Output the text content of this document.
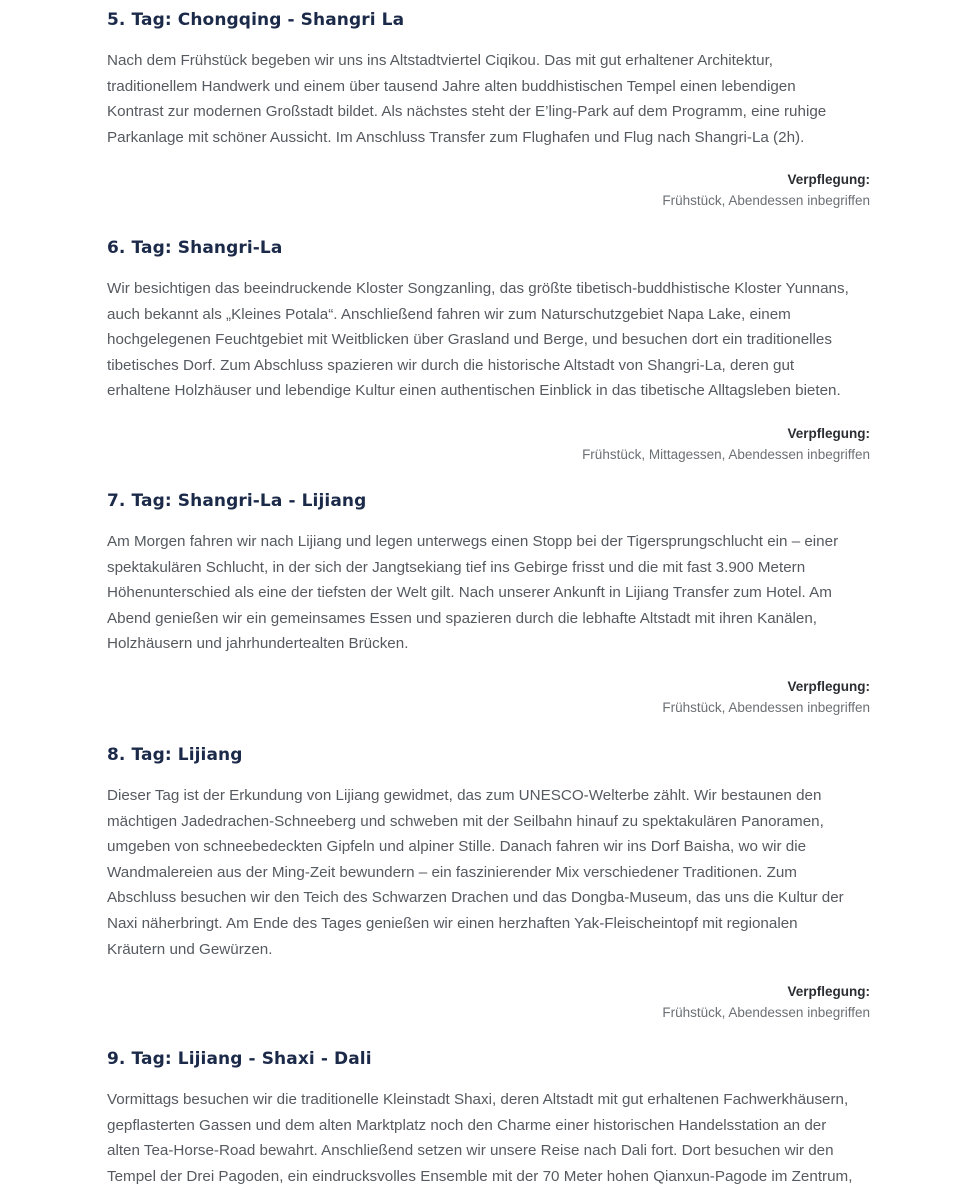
5. Tag: Chongqing - Shangri La

Nach dem Frühstück begeben wir uns ins Altstadtviertel Ciqikou. Das mit gut erhaltener Architektur,
traditionellem Handwerk und einem über tausend Jahre alten buddhistischen Tempel einen lebendigen
Kontrast zur modernen Großstadt bildet. Als nächstes steht der E’ling-Park auf dem Programm, eine ruhige
Parkanlage mit schöner Aussicht. Im Anschluss Transfer zum Flughafen und Flug nach Shangri-La (2h).

Verpflegung:
Frühstück, Abendessen inbegriffen
6. Tag: Shangri-La

Wir besichtigen das beeindruckende Kloster Songzanling, das größte tibetisch-buddhistische Kloster Yunnans,
auch bekannt als „Kleines Potala“. Anschließend fahren wir zum Naturschutzgebiet Napa Lake, einem
hochgelegenen Feuchtgebiet mit Weitblicken über Grasland und Berge, und besuchen dort ein traditionelles
tibetisches Dorf. Zum Abschluss spazieren wir durch die historische Altstadt von Shangri-La, deren gut
erhaltene Holzhäuser und lebendige Kultur einen authentischen Einblick in das tibetische Alltagsleben bieten.

Verpflegung:
Frühstück, Mittagessen, Abendessen inbegriffen
7. Tag: Shangri-La - Lijiang

Am Morgen fahren wir nach Lijiang und legen unterwegs einen Stopp bei der Tigersprungschlucht ein – einer
spektakulären Schlucht, in der sich der Jangtsekiang tief ins Gebirge frisst und die mit fast 3.900 Metern
Höhenunterschied als eine der tiefsten der Welt gilt. Nach unserer Ankunft in Lijiang Transfer zum Hotel. Am
Abend genießen wir ein gemeinsames Essen und spazieren durch die lebhafte Altstadt mit ihren Kanälen,
Holzhäusern und jahrhundertealten Brücken.

Verpflegung:
Frühstück, Abendessen inbegriffen
8. Tag: Lijiang

Dieser Tag ist der Erkundung von Lijiang gewidmet, das zum UNESCO-Welterbe zählt. Wir bestaunen den
mächtigen Jadedrachen-Schneeberg und schweben mit der Seilbahn hinauf zu spektakulären Panoramen,
umgeben von schneebedeckten Gipfeln und alpiner Stille. Danach fahren wir ins Dorf Baisha, wo wir die
Wandmalereien aus der Ming-Zeit bewundern – ein faszinierender Mix verschiedener Traditionen. Zum
Abschluss besuchen wir den Teich des Schwarzen Drachen und das Dongba-Museum, das uns die Kultur der
Naxi näherbringt. Am Ende des Tages genießen wir einen herzhaften Yak-Fleischeintopf mit regionalen
Kräutern und Gewürzen.

Verpflegung:
Frühstück, Abendessen inbegriffen
9. Tag: Lijiang - Shaxi - Dali

Vormittags besuchen wir die traditionelle Kleinstadt Shaxi, deren Altstadt mit gut erhaltenen Fachwerkhäusern,
gepflasterten Gassen und dem alten Marktplatz noch den Charme einer historischen Handelsstation an der
alten Tea-Horse-Road bewahrt. Anschließend setzen wir unsere Reise nach Dali fort. Dort besuchen wir den
Tempel der Drei Pagoden, ein eindrucksvolles Ensemble mit der 70 Meter hohen Qianxun-Pagode im Zentrum,
